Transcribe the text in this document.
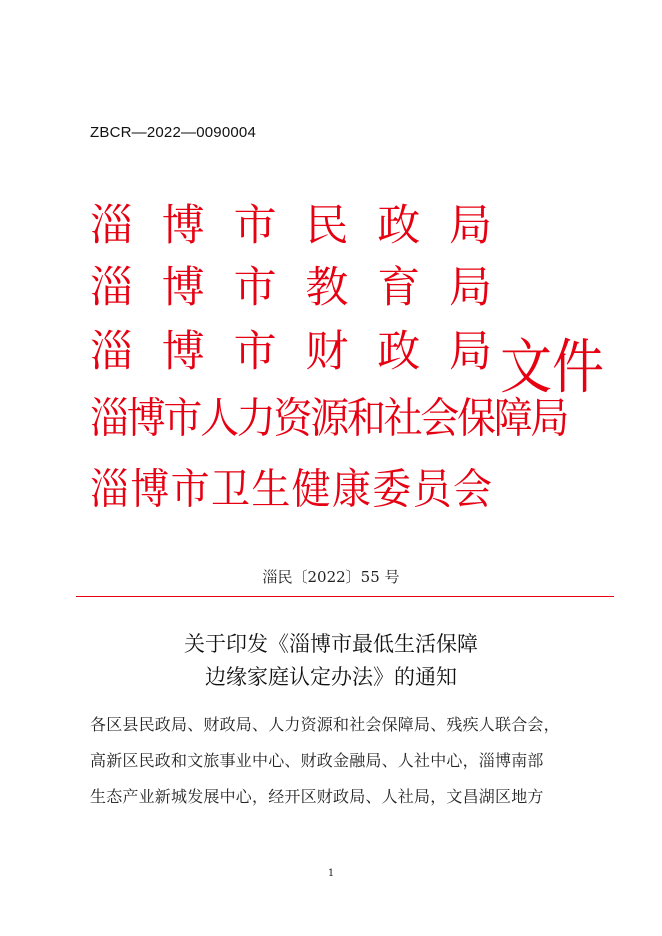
ZBCR—2022—0090004
淄 博 市 民 政 局
淄 博 市 教 育 局
淄 博 市 财 政 局
淄博市人力资源和社会保障局
淄 博 市 卫 生 健 康 委 员 会
文件
淄民〔2022〕55 号
关于印发《淄博市最低生活保障
边缘家庭认定办法》的通知
各区县民政局、财政局、人力资源和社会保障局、残疾人联合会，
高新区民政和文旅事业中心、财政金融局、人社中心，淄博南部
生态产业新城发展中心，经开区财政局、人社局，文昌湖区地方
1
